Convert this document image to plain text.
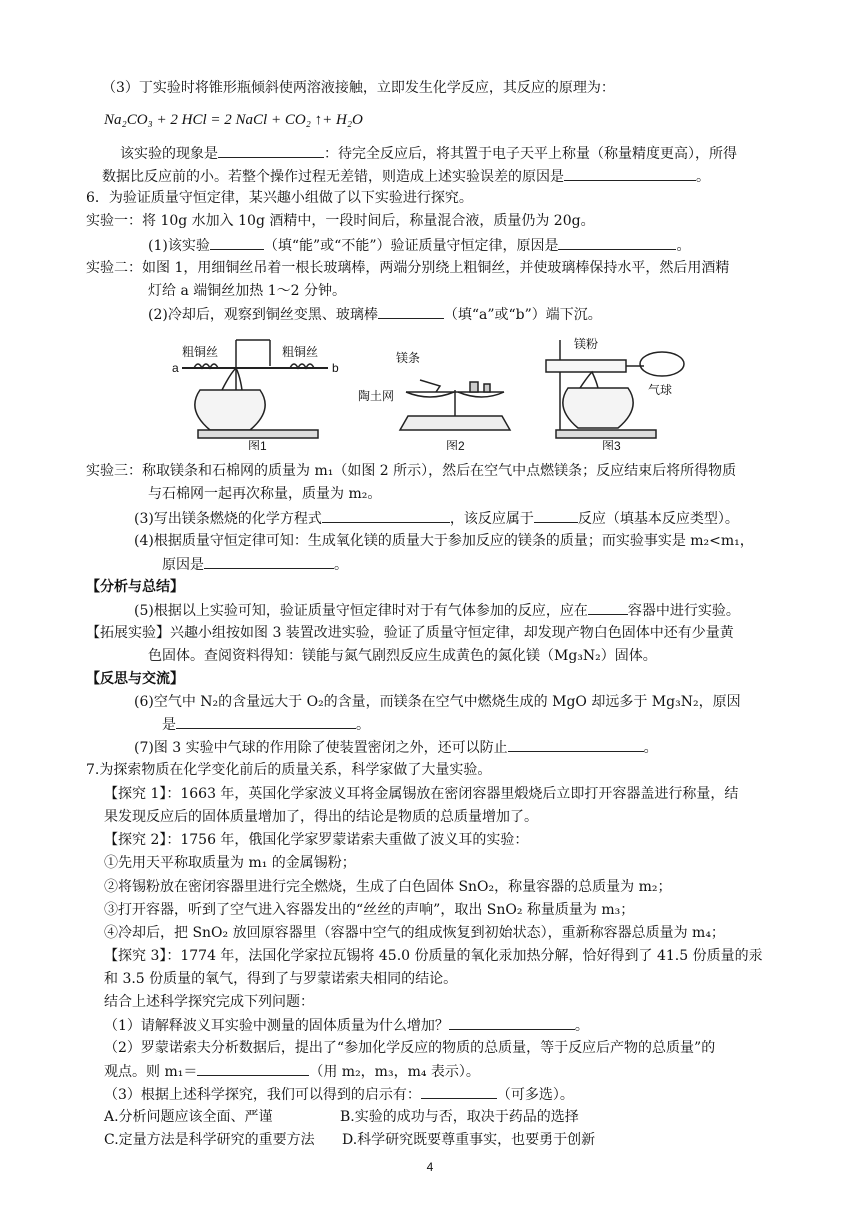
（3）丁实验时将锥形瓶倾斜使两溶液接触，立即发生化学反应，其反应的原理为：
Na₂CO₃ + 2 HCl = 2 NaCl + CO₂ ↑+ H₂O
该实验的现象是	：待完全反应后，将其置于电子天平上称量（称量精度更高），所得
数据比反应前的小。若整个操作过程无差错，则造成上述实验误差的原因是	。
6．为验证质量守恒定律，某兴趣小组做了以下实验进行探究。
实验一：将 10g 水加入 10g 酒精中，一段时间后，称量混合液，质量仍为 20g。
(1)该实验	（填“能”或“不能”）验证质量守恒定律，原因是	。
实验二：如图 1，用细铜丝吊着一根长玻璃棒，两端分别绕上粗铜丝，并使玻璃棒保持水平，然后用酒精
灯给 a 端铜丝加热 1～2 分钟。
(2)冷却后，观察到铜丝变黑、玻璃棒	（填“a”或“b”）端下沉。
粗铜丝	粗铜丝
a	b
镁条
陶土网
镁粉
气球
图1	图2	图3
实验三：称取镁条和石棉网的质量为 m₁（如图 2 所示），然后在空气中点燃镁条；反应结束后将所得物质
与石棉网一起再次称量，质量为 m₂。
(3)写出镁条燃烧的化学方程式	，该反应属于	反应（填基本反应类型）。
(4)根据质量守恒定律可知：生成氧化镁的质量大于参加反应的镁条的质量；而实验事实是 m₂<m₁，
原因是	。
【分析与总结】
(5)根据以上实验可知，验证质量守恒定律时对于有气体参加的反应，应在	容器中进行实验。
【拓展实验】兴趣小组按如图 3 装置改进实验，验证了质量守恒定律，却发现产物白色固体中还有少量黄
色固体。查阅资料得知：镁能与氮气剧烈反应生成黄色的氮化镁（Mg₃N₂）固体。
【反思与交流】
(6)空气中 N₂的含量远大于 O₂的含量，而镁条在空气中燃烧生成的 MgO 却远多于 Mg₃N₂，原因
是	。
(7)图 3 实验中气球的作用除了使装置密闭之外，还可以防止	。
7.为探索物质在化学变化前后的质量关系，科学家做了大量实验。
【探究 1】：1663 年，英国化学家波义耳将金属锡放在密闭容器里煅烧后立即打开容器盖进行称量，结
果发现反应后的固体质量增加了，得出的结论是物质的总质量增加了。
【探究 2】：1756 年，俄国化学家罗蒙诺索夫重做了波义耳的实验：
①先用天平称取质量为 m₁ 的金属锡粉；
②将锡粉放在密闭容器里进行完全燃烧，生成了白色固体 SnO₂，称量容器的总质量为 m₂；
③打开容器，听到了空气进入容器发出的“丝丝的声响”，取出 SnO₂ 称量质量为 m₃；
④冷却后，把 SnO₂ 放回原容器里（容器中空气的组成恢复到初始状态），重新称容器总质量为 m₄；
【探究 3】：1774 年，法国化学家拉瓦锡将 45.0 份质量的氧化汞加热分解，恰好得到了 41.5 份质量的汞
和 3.5 份质量的氧气，得到了与罗蒙诺索夫相同的结论。
结合上述科学探究完成下列问题：
（1）请解释波义耳实验中测量的固体质量为什么增加？	。
（2）罗蒙诺索夫分析数据后，提出了“参加化学反应的物质的总质量，等于反应后产物的总质量”的
观点。则 m₁＝	（用 m₂，m₃，m₄ 表示）。
（3）根据上述科学探究，我们可以得到的启示有：	（可多选）。
A.分析问题应该全面、严谨	B.实验的成功与否，取决于药品的选择
C.定量方法是科学研究的重要方法 D.科学研究既要尊重事实，也要勇于创新
4
